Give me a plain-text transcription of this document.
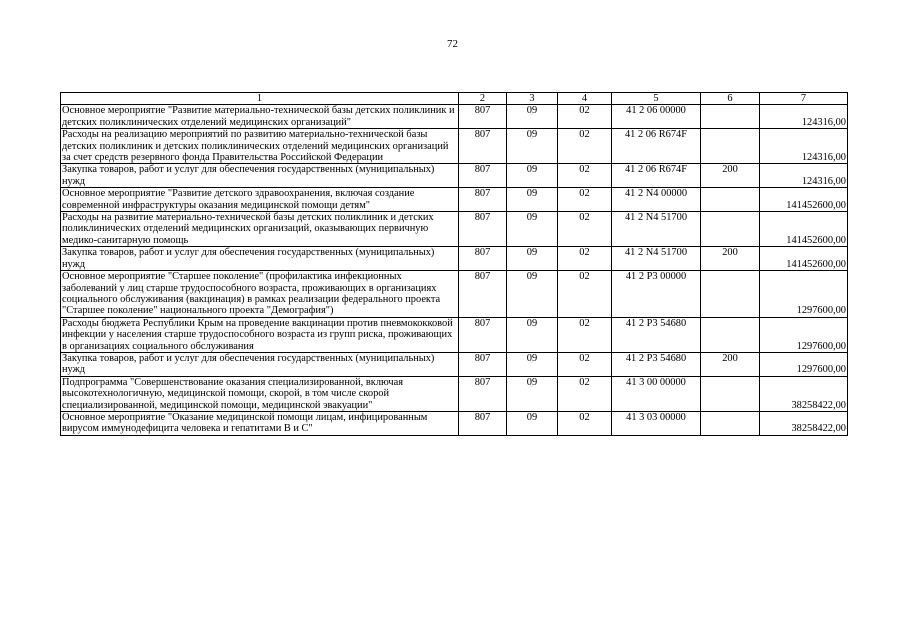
72
1	2	3	4	5	6	7
Основное мероприятие "Развитие материально-технической базы детских поликлиник и детских поликлинических отделений медицинских организаций"	807	09	02	41 2 06 00000		124316,00
Расходы на реализацию мероприятий по развитию материально-технической базы детских поликлиник и детских поликлинических отделений медицинских организаций за счет средств резервного фонда Правительства Российской Федерации	807	09	02	41 2 06 R674F		124316,00
Закупка товаров, работ и услуг для обеспечения государственных (муниципальных) нужд	807	09	02	41 2 06 R674F	200	124316,00
Основное мероприятие "Развитие детского здравоохранения, включая создание современной инфраструктуры оказания медицинской помощи детям"	807	09	02	41 2 N4 00000		141452600,00
Расходы на развитие материально-технической базы детских поликлиник и детских поликлинических отделений медицинских организаций, оказывающих первичную медико-санитарную помощь	807	09	02	41 2 N4 51700		141452600,00
Закупка товаров, работ и услуг для обеспечения государственных (муниципальных) нужд	807	09	02	41 2 N4 51700	200	141452600,00
Основное мероприятие "Старшее поколение" (профилактика инфекционных заболеваний у лиц старше трудоспособного возраста, проживающих в организациях социального обслуживания (вакцинация) в рамках реализации федерального проекта "Старшее поколение" национального проекта "Демография")	807	09	02	41 2 P3 00000		1297600,00
Расходы бюджета Республики Крым на проведение вакцинации против пневмококковой инфекции у населения старше трудоспособного возраста из групп риска, проживающих в организациях социального обслуживания	807	09	02	41 2 P3 54680		1297600,00
Закупка товаров, работ и услуг для обеспечения государственных (муниципальных) нужд	807	09	02	41 2 P3 54680	200	1297600,00
Подпрограмма "Совершенствование оказания специализированной, включая высокотехнологичную, медицинской помощи, скорой, в том числе скорой специализированной, медицинской помощи, медицинской эвакуации"	807	09	02	41 3 00 00000		38258422,00
Основное мероприятие "Оказание медицинской помощи лицам, инфицированным вирусом иммунодефицита человека и гепатитами В и С"	807	09	02	41 3 03 00000		38258422,00
